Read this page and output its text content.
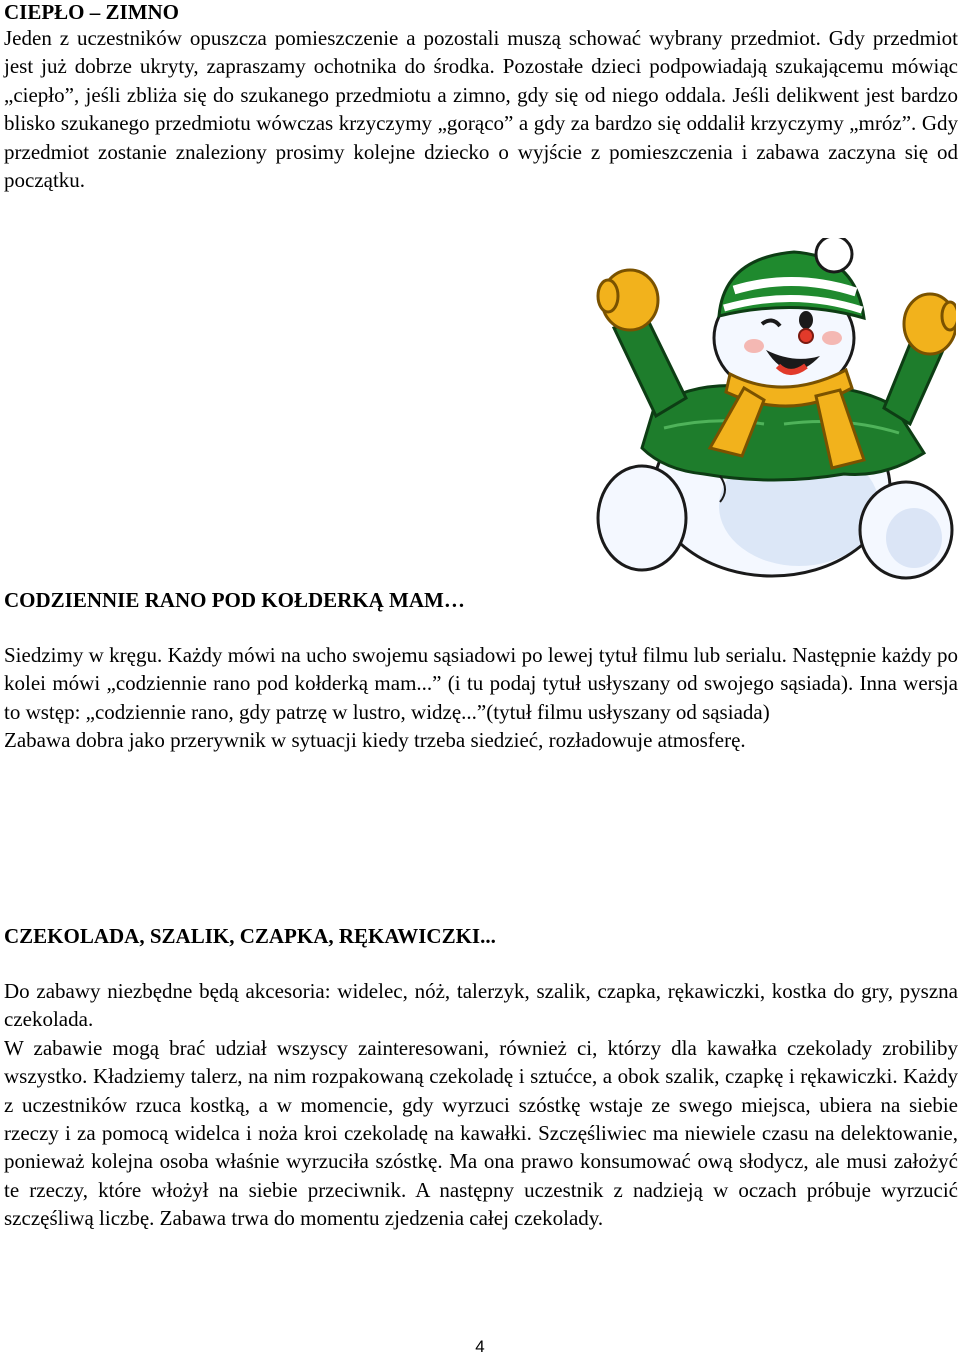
CIEPŁO – ZIMNO

Jeden z uczestników opuszcza pomieszczenie a pozostali muszą schować wybrany przedmiot. Gdy przedmiot jest już dobrze ukryty, zapraszamy ochotnika do środka. Pozostałe dzieci podpowiadają szukającemu mówiąc „ciepło”, jeśli zbliża się do szukanego przedmiotu a zimno, gdy się od niego oddala. Jeśli delikwent jest bardzo blisko szukanego przedmiotu wówczas krzyczymy „gorąco” a gdy za bardzo się oddalił krzyczymy „mróz”. Gdy przedmiot zostanie znaleziony prosimy kolejne dziecko o wyjście z pomieszczenia i zabawa zaczyna się od początku.

CODZIENNIE RANO POD KOŁDERKĄ MAM…

Siedzimy w kręgu. Każdy mówi na ucho swojemu sąsiadowi po lewej tytuł filmu lub serialu. Następnie każdy po kolei mówi „codziennie rano pod kołderką mam...” (i tu podaj tytuł usłyszany od swojego sąsiada). Inna wersja to wstęp: „codziennie rano, gdy patrzę w lustro, widzę...”(tytuł filmu usłyszany od sąsiada)

Zabawa dobra jako przerywnik w sytuacji kiedy trzeba siedzieć, rozładowuje atmosferę.

CZEKOLADA, SZALIK, CZAPKA, RĘKAWICZKI...

Do zabawy niezbędne będą akcesoria: widelec, nóż, talerzyk, szalik, czapka, rękawiczki, kostka do gry, pyszna czekolada.

W zabawie mogą brać udział wszyscy zainteresowani, również ci, którzy dla kawałka czekolady zrobiliby wszystko. Kładziemy talerz, na nim rozpakowaną czekoladę i sztućce, a obok szalik, czapkę i rękawiczki. Każdy z uczestników rzuca kostką, a w momencie, gdy wyrzuci szóstkę wstaje ze swego miejsca, ubiera na siebie rzeczy i za pomocą widelca i noża kroi czekoladę na kawałki. Szczęśliwiec ma niewiele czasu na delektowanie, ponieważ kolejna osoba właśnie wyrzuciła szóstkę. Ma ona prawo konsumować ową słodycz, ale musi założyć te rzeczy, które włożył na siebie przeciwnik. A następny uczestnik z nadzieją w oczach próbuje wyrzucić szczęśliwą liczbę. Zabawa trwa do momentu zjedzenia całej czekolady.

4
